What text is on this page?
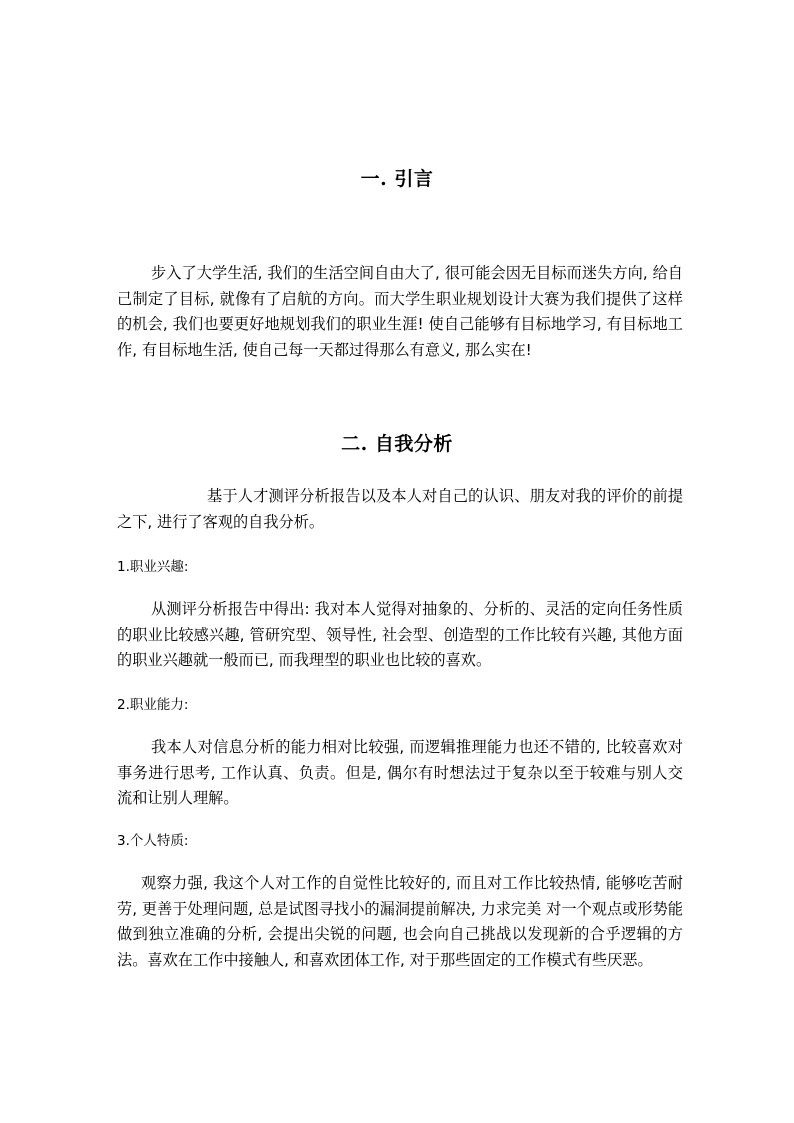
一. 引言

步入了大学生活, 我们的生活空间自由大了, 很可能会因无目标而迷失方向, 给自己制定了目标, 就像有了启航的方向。而大学生职业规划设计大赛为我们提供了这样的机会, 我们也要更好地规划我们的职业生涯! 使自己能够有目标地学习, 有目标地工作, 有目标地生活, 使自己每一天都过得那么有意义, 那么实在!

二. 自我分析

基于人才测评分析报告以及本人对自己的认识、朋友对我的评价的前提之下, 进行了客观的自我分析。

1.职业兴趣:

从测评分析报告中得出: 我对本人觉得对抽象的、分析的、灵活的定向任务性质的职业比较感兴趣, 管研究型、领导性, 社会型、创造型的工作比较有兴趣, 其他方面的职业兴趣就一般而已, 而我理型的职业也比较的喜欢。

2.职业能力:

我本人对信息分析的能力相对比较强, 而逻辑推理能力也还不错的, 比较喜欢对事务进行思考, 工作认真、负责。但是, 偶尔有时想法过于复杂以至于较难与别人交流和让别人理解。

3.个人特质:

观察力强, 我这个人对工作的自觉性比较好的, 而且对工作比较热情, 能够吃苦耐劳, 更善于处理问题, 总是试图寻找小的漏洞提前解决, 力求完美 对一个观点或形势能做到独立准确的分析, 会提出尖锐的问题, 也会向自己挑战以发现新的合乎逻辑的方法。喜欢在工作中接触人, 和喜欢团体工作, 对于那些固定的工作模式有些厌恶。
